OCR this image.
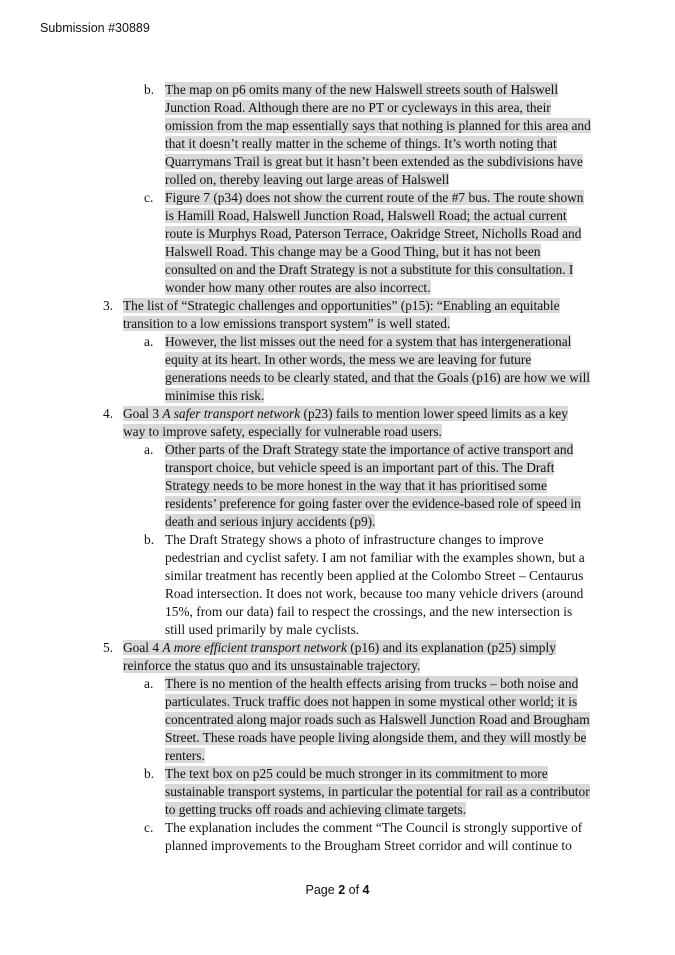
Submission #30889
b. The map on p6 omits many of the new Halswell streets south of Halswell Junction Road. Although there are no PT or cycleways in this area, their omission from the map essentially says that nothing is planned for this area and that it doesn’t really matter in the scheme of things. It’s worth noting that Quarrymans Trail is great but it hasn’t been extended as the subdivisions have rolled on, thereby leaving out large areas of Halswell
c. Figure 7 (p34) does not show the current route of the #7 bus. The route shown is Hamill Road, Halswell Junction Road, Halswell Road; the actual current route is Murphys Road, Paterson Terrace, Oakridge Street, Nicholls Road and Halswell Road. This change may be a Good Thing, but it has not been consulted on and the Draft Strategy is not a substitute for this consultation. I wonder how many other routes are also incorrect.
3. The list of “Strategic challenges and opportunities” (p15): “Enabling an equitable transition to a low emissions transport system” is well stated.
a. However, the list misses out the need for a system that has intergenerational equity at its heart. In other words, the mess we are leaving for future generations needs to be clearly stated, and that the Goals (p16) are how we will minimise this risk.
4. Goal 3 A safer transport network (p23) fails to mention lower speed limits as a key way to improve safety, especially for vulnerable road users.
a. Other parts of the Draft Strategy state the importance of active transport and transport choice, but vehicle speed is an important part of this. The Draft Strategy needs to be more honest in the way that it has prioritised some residents’ preference for going faster over the evidence-based role of speed in death and serious injury accidents (p9).
b. The Draft Strategy shows a photo of infrastructure changes to improve pedestrian and cyclist safety. I am not familiar with the examples shown, but a similar treatment has recently been applied at the Colombo Street – Centaurus Road intersection. It does not work, because too many vehicle drivers (around 15%, from our data) fail to respect the crossings, and the new intersection is still used primarily by male cyclists.
5. Goal 4 A more efficient transport network (p16) and its explanation (p25) simply reinforce the status quo and its unsustainable trajectory.
a. There is no mention of the health effects arising from trucks – both noise and particulates. Truck traffic does not happen in some mystical other world; it is concentrated along major roads such as Halswell Junction Road and Brougham Street. These roads have people living alongside them, and they will mostly be renters.
b. The text box on p25 could be much stronger in its commitment to more sustainable transport systems, in particular the potential for rail as a contributor to getting trucks off roads and achieving climate targets.
c. The explanation includes the comment “The Council is strongly supportive of planned improvements to the Brougham Street corridor and will continue to
Page 2 of 4
